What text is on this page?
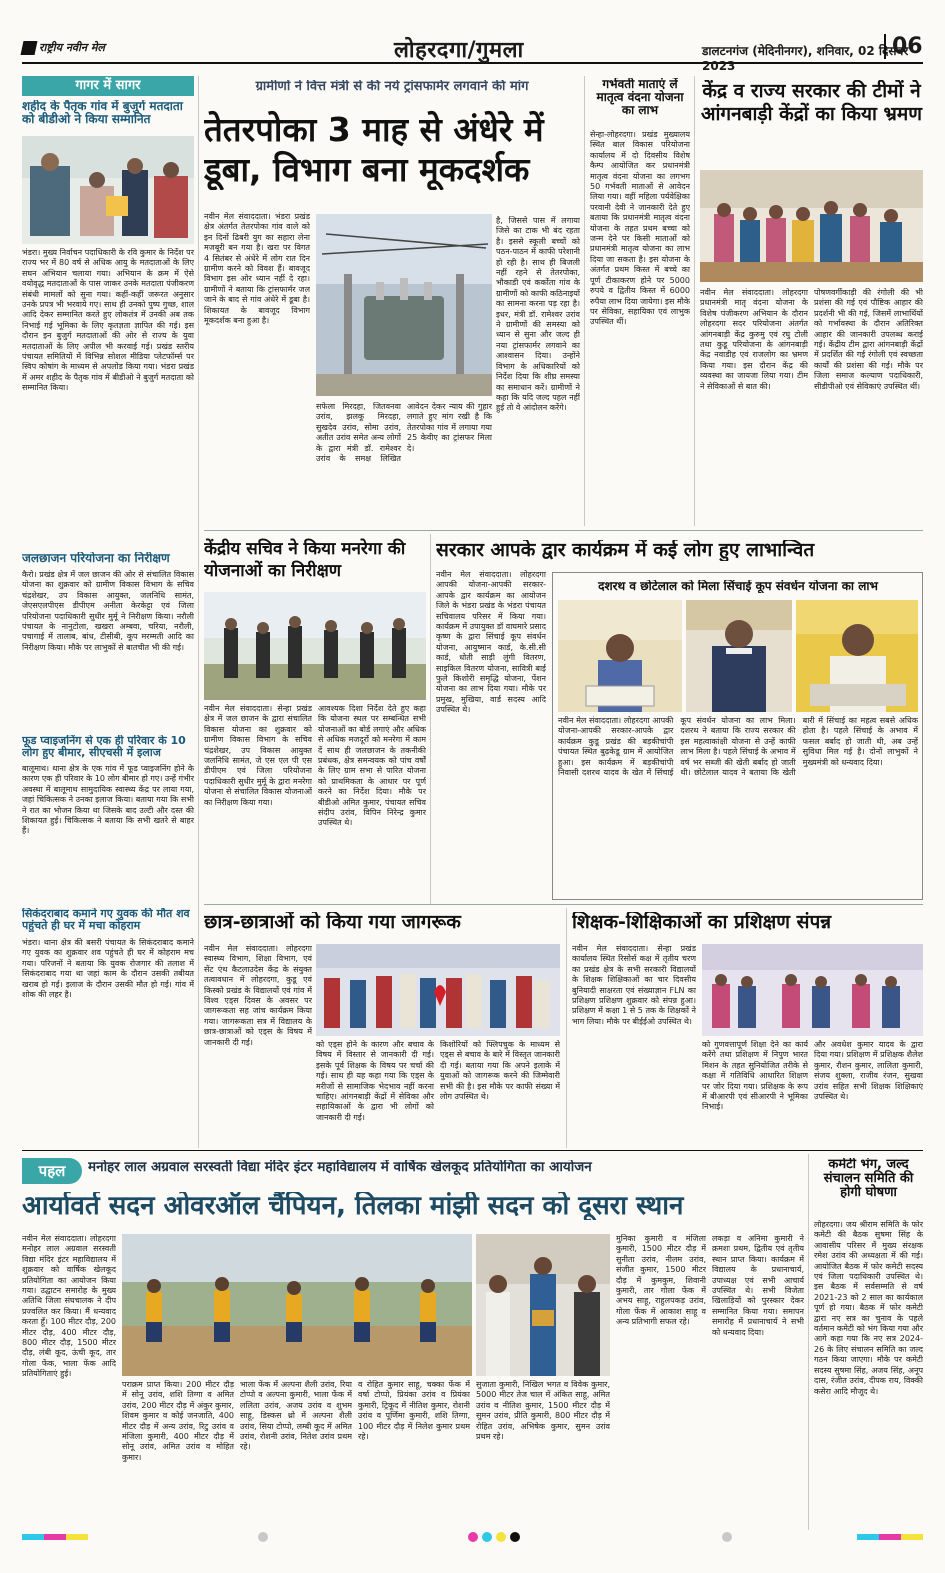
राष्ट्रीय नवीन मेल	लोहरदगा/गुमला	डालटनगंज (मेदिनीनगर), शनिवार, 02 दिसंबर 2023
06
गागर में सागर
शहीद के पैतृक गांव में बुजुर्ग मतदाता को बीडीओ ने किया सम्मानित
भंडरा। मुख्य निर्वाचन पदाधिकारी के रवि कुमार के निर्देश पर राज्य भर में 80 वर्ष से अधिक आयु के मतदाताओं के लिए सघन अभियान चलाया गया। अभियान के क्रम में ऐसे वयोवृद्ध मतदाताओं के पास जाकर उनके मतदाता पंजीकरण संबंधी मामलों को सुना गया। कहीं-कहीं जरूरत अनुसार उनके प्रपत्र भी भरवाये गए। साथ ही उनको पुष्प गुच्छ, शाल आदि देकर सम्मानित करते हुए लोकतंत्र में उनकी अब तक निभाई गई भूमिका के लिए कृतज्ञता ज्ञापित की गई। इस दौरान इन बुजुर्ग मतदाताओं की ओर से राज्य के युवा मतदाताओं के लिए अपील भी करवाई गई। प्रखंड स्तरीय पंचायत समितियों में विभिन्न सोशल मीडिया प्लेटफॉर्म्स पर स्विप कोषांग के माध्यम से अपलोड किया गया। भंडरा प्रखंड में अमर शहीद के पैतृक गांव में बीडीओ ने बुजुर्ग मतदाता को सम्मानित किया।
जलछाजन परियोजना का निरीक्षण
कैरो। प्रखंड क्षेत्र में जल छाजन की ओर से संचालित विकास योजना का शुक्रवार को ग्रामीण विकास विभाग के सचिव चंद्रशेखर, उप विकास आयुक्त, जलनिधि सामंत, जेएसएलपीएस डीपीएम अनीता केरकेट्टा एवं जिला परियोजना पदाधिकारी सुधीर मुर्मू ने निरीक्षण किया। नरौली पंचायत के नानुटोला, खखरा अम्बवा, चरिया, नरौली, पचागाई में तालाब, बांध, टीसीबी, कूप मरम्मती आदि का निरीक्षण किया। मौके पर लाभुकों से बातचीत भी की गई।
फूड प्वाइजनिंग से एक ही परिवार के 10 लोग हुए बीमार, सीएचसी में इलाज
बालूमाथ। थाना क्षेत्र के एक गांव में फूड प्वाइजनिंग होने के कारण एक ही परिवार के 10 लोग बीमार हो गए। उन्हें गंभीर अवस्था में बालूमाथ सामुदायिक स्वास्थ्य केंद्र पर लाया गया, जहां चिकित्सक ने उनका इलाज किया। बताया गया कि सभी ने रात का भोजन किया था जिसके बाद उल्टी और दस्त की शिकायत हुई। चिकित्सक ने बताया कि सभी खतरे से बाहर हैं।
सिकंदराबाद कमाने गए युवक की मौत शव पहुंचते ही घर में मचा कोहराम
भंडरा। थाना क्षेत्र की बसरी पंचायत के सिकंदराबाद कमाने गए युवक का शुक्रवार शव पहुंचते ही घर में कोहराम मच गया। परिजनों ने बताया कि युवक रोजगार की तलाश में सिकंदराबाद गया था जहां काम के दौरान उसकी तबीयत खराब हो गई। इलाज के दौरान उसकी मौत हो गई। गांव में शोक की लहर है।
ग्रामीणों ने वित्त मंत्री से की नये ट्रांसफार्मर लगवाने की मांग
तेतरपोका 3 माह से अंधेरे में डूबा, विभाग बना मूकदर्शक
नवीन मेल संवाददाता। भंडरा प्रखंड क्षेत्र अंतर्गत तेतरपोका गांव वाले को इन दिनों ढिबरी युग का सहारा लेना मजबूरी बन गया है। खरा पर विगत 4 सितंबर से अंधेरे में लोग रात दिन ग्रामीण करने को विवश हैं। बावजूद विभाग इस ओर ध्यान नहीं दे रहा। ग्रामीणों ने बताया कि ट्रांसफार्मर जल जाने के बाद से गांव अंधेरे में डूबा है। शिकायत के बावजूद विभाग मूकदर्शक बना हुआ है।
सफेला मिरदहा, जितवनवा उरांव, झलकू मिरदहा, सुखदेव उरांव, सोमा उरांव, अतीत उरांव समेत अन्य लोगों के द्वारा मंत्री डॉ. रामेश्वर उरांव के समक्ष लिखित आवेदन देकर न्याय की गुहार लगाते हुए मांग रखी है कि तेतरपोका गांव में लगाया गया 25 केवीए का ट्रांसफर मिला दे।
है, जिससे पास में लगाया जिसे का टाक भी बंद रहता है। इससे स्कूली बच्चों को पठन-पाठन में काफी परेशानी हो रही है। साथ ही बिजली नहीं रहने से तेतरपोका, भौकाडी एवं कर्कोता गांव के ग्रामीणों को काफी कठिनाइयों का सामना करना पड़ रहा है। इधर, मंत्री डॉ. रामेश्वर उरांव ने ग्रामीणों की समस्या को ध्यान से सुना और जल्द ही नया ट्रांसफार्मर लगवाने का आश्वासन दिया। उन्होंने विभाग के अधिकारियों को निर्देश दिया कि शीघ्र समस्या का समाधान करें। ग्रामीणों ने कहा कि यदि जल्द पहल नहीं हुई तो वे आंदोलन करेंगे।
गर्भवती माताएं लें मातृत्व वंदना योजना का लाभ
सेन्हा-लोहरदगा। प्रखंड मुख्यालय स्थित बाल विकास परियोजना कार्यालय में दो दिवसीय विशेष कैम्प आयोजित कर प्रधानमंत्री मातृत्व वंदना योजना का लगभग 50 गर्भवती माताओं से आवेदन लिया गया। वहीं महिला पर्यवेक्षिका परवानी देवी ने जानकारी देते हुए बताया कि प्रधानमंत्री मातृत्व वंदना योजना के तहत प्रथम बच्चा को जन्म देने पर किसी माताओं को प्रधानमंत्री मातृत्व योजना का लाभ दिया जा सकता है। इस योजना के अंतर्गत प्रथम किस्त में बच्चे का पूर्ण टीकाकरण होने पर 5000 रुपये व द्वितीय किस्त में 6000 रुपैया लाभ दिया जायेगा। इस मौके पर सेविका, सहायिका एवं लाभुक उपस्थित थीं।
केंद्र व राज्य सरकार की टीमों ने आंगनबाड़ी केंद्रों का किया भ्रमण
नवीन मेल संवाददाता। लोहरदगा प्रधानमंत्री मातृ वंदना योजना के विशेष पंजीकरण अभियान के दौरान लोहरदगा सदर परियोजना अंतर्गत आंगनबाड़ी केंद्र कुरुमु एवं रघु टोली तथा कुडू परियोजना के आंगनबाड़ी केंद्र नवाडीह एवं राजलोग का भ्रमण किया गया। इस दौरान केंद्र की व्यवस्था का जायजा लिया गया। टीम ने सेविकाओं से बात की।
पोषणवर्गीकाड़ी की रंगोली की भी प्रशंसा की गई एवं पौष्टिक आहार की प्रदर्शनी भी की गई, जिसमें लाभार्थियों को गर्भावस्था के दौरान अतिरिक्त आहार की जानकारी उपलब्ध कराई गई। केंद्रीय टीम द्वारा आंगनबाड़ी केंद्रों में प्रदर्शित की गई रंगोली एवं स्वच्छता कार्यों की प्रशंसा की गई। मौके पर जिला समाज कल्याण पदाधिकारी, सीडीपीओ एवं सेविकाएं उपस्थित थीं।
केंद्रीय सचिव ने किया मनरेगा की योजनाओं का निरीक्षण
नवीन मेल संवाददाता। सेन्हा प्रखंड क्षेत्र में जल छाजन के द्वारा संचालित विकास योजना का शुक्रवार को ग्रामीण विकास विभाग के सचिव चंद्रशेखर, उप विकास आयुक्त जलनिधि सामंत, जे एस एल पी एस डीपीएम एवं जिला परियोजना पदाधिकारी सुधीर मुर्मू के द्वारा मनरेगा योजना से संचालित विकास योजनाओं का निरीक्षण किया गया।
आवश्यक दिशा निर्देश देते हुए कहा कि योजना स्थल पर सम्बन्धित सभी योजनाओं का बोर्ड लगाएं और अधिक से अधिक मजदूरों को मनरेगा में काम दें साथ ही जलछाजन के तकनीकी प्रबंधक, क्षेत्र समन्वयक को पांच वर्षों के लिए ग्राम सभा से पारित योजना को प्राथमिकता के आधार पर पूर्ण करने का निर्देश दिया। मौके पर बीडीओ अमित कुमार, पंचायत सचिव संदीप उरांव, विपिन निरेन्द्र कुमार उपस्थित थे।
सरकार आपके द्वार कार्यक्रम में कई लोग हुए लाभान्वित
नवीन मेल संवाददाता। लोहरदगा आपकी योजना-आपकी सरकार-आपके द्वार कार्यक्रम का आयोजन जिले के भंडरा प्रखंड के भंडरा पंचायत सचिवालय परिसर में किया गया। कार्यक्रम में उपायुक्त डॉ वाघमारे प्रसाद कृष्ण के द्वारा सिंचाई कूप संवर्धन योजना, आयुष्मान कार्ड, के.सी.सी कार्ड, धोती साड़ी लुंगी वितरण, साइकिल वितरण योजना, सावित्री बाई फुले किशोरी समृद्धि योजना, पेंशन योजना का लाभ दिया गया। मौके पर प्रमुख, मुखिया, वार्ड सदस्य आदि उपस्थित थे।
दशरथ व छोटेलाल को मिला सिंचाई कूप संवर्धन योजना का लाभ
नवीन मेल संवाददाता। लोहरदगा आपकी योजना-आपकी सरकार-आपके द्वार कार्यक्रम कुडू प्रखंड की बड़कीचांपी पंचायत स्थित बुढ़केडू ग्राम में आयोजित हुआ। इस कार्यक्रम में बड़कीचांपी निवासी दशरथ यादव के खेत में सिंचाई कूप संवर्धन योजना का लाभ मिला। दशरथ ने बताया कि राज्य सरकार की इस महत्वाकांक्षी योजना से उन्हें काफी लाभ मिला है। पहले सिंचाई के अभाव में वर्ष भर सब्जी की खेती बर्बाद हो जाती थी। छोटेलाल यादव ने बताया कि खेती बारी में सिंचाई का महत्व सबसे अधिक होता है। पहले सिंचाई के अभाव में फसल बर्बाद हो जाती थी, अब उन्हें सुविधा मिल गई है। दोनों लाभुकों ने मुख्यमंत्री को धन्यवाद दिया।
छात्र-छात्राओं को किया गया जागरूक
नवीन मेल संवाददाता। लोहरदगा स्वास्थ्य विभाग, शिक्षा विभाग, एवं सेंट एंथ कैटलाउदेस केंद्र के संयुक्त तत्वावधान में लोहरदगा, कुडू एवं किस्को प्रखंड के विद्यालयों एवं गांव में विश्व एड्स दिवस के अवसर पर जागरूकता सह जांच कार्यक्रम किया गया। जागरूकता सत्र में विद्यालय के छात्र-छात्राओं को एड्स के विषय में जानकारी दी गई।	को एड्स होने के कारण और बचाव के विषय में विस्तार से जानकारी दी गई। इसके पूर्व शिक्षक के विषय पर चर्चा की गई। साथ ही यह कहा गया कि एड्स के मरीजों से सामाजिक भेदभाव नहीं करना चाहिए। आंगनबाड़ी केंद्रों में सेविका और सहायिकाओं के द्वारा भी लोगों को जानकारी दी गई।
किशोरियों को फ्लिपचुक के माध्यम से एड्स से बचाव के बारे में विस्तृत जानकारी दी गई। बताया गया कि अपने इलाके में युवाओं को जागरूक करने की जिम्मेवारी सभी की है। इस मौके पर काफी संख्या में लोग उपस्थित थे।
शिक्षक-शिक्षिकाओं का प्रशिक्षण संपन्न
नवीन मेल संवाददाता। सेन्हा प्रखंड कार्यालय स्थित रिसोर्स कक्ष में तृतीय चरण का प्रखंड क्षेत्र के सभी सरकारी विद्यालयों के शिक्षक शिक्षिकाओं का चार दिवसीय बुनियादी साक्षरता एवं संख्याज्ञान FLN का प्रशिक्षण प्रशिक्षण शुक्रवार को संपन्न हुआ। प्रशिक्षण में कक्षा 1 से 5 तक के शिक्षकों ने भाग लिया। मौके पर बीईईओ उपस्थित थे।
को गुणवत्तापूर्ण शिक्षा देने का कार्य करेंगे तथा प्रशिक्षण में निपुण भारत मिशन के तहत सुनियोजित तरीके से कक्षा में गतिविधि आधारित शिक्षण पर जोर दिया गया। प्रशिक्षक के रूप में बीआरपी एवं सीआरपी ने भूमिका निभाई।
और अवधेश कुमार यादव के द्वारा दिया गया। प्रशिक्षण में प्रशिक्षक शैलेश कुमार, रौशन कुमार, लालिता कुमारी, संजय शुक्ला, राजीव रंजन, सुखवा उरांव सहित सभी शिक्षक शिक्षिकाएं उपस्थित थे।
पहल	मनोहर लाल अग्रवाल सरस्वती विद्या मंदिर इंटर महाविद्यालय में वार्षिक खेलकूद प्रतियोगिता का आयोजन
आर्यावर्त सदन ओवरऑल चैंपियन, तिलका मांझी सदन को दूसरा स्थान
नवीन मेल संवाददाता। लोहरदगा मनोहर लाल अग्रवाल सरस्वती विद्या मंदिर इंटर महाविद्यालय में शुक्रवार को वार्षिक खेलकूद प्रतियोगिता का आयोजन किया गया। उद्घाटन समारोह के मुख्य अतिथि जिला संघचालक ने दीप प्रज्वलित कर किया। मैं धन्यवाद करता हूँ। 100 मीटर दौड़, 200 मीटर दौड़, 400 मीटर दौड़, 800 मीटर दौड़, 1500 मीटर दौड़, लंबी कूद, ऊंची कूद, तार गोला फेंक, भाला फेंक आदि प्रतियोगिताएं हुई।
पराक्रम प्राप्त किया। 200 मीटर दौड़ में सोनू उरांव, शशि तिग्गा व अमित उरांव, 200 मीटर दौड़ में अंकुर कुमार, शिवम कुमार व कोई जनजाति, 400 मीटर दौड़ में अन्य उरांव, रिटु उरांव व मंजिला कुमारी, 400 मीटर दौड़ में सोनू उरांव, अमित उरांव व मोहित कुमार।
भाला फेंक में अल्पना शैली उरांव, रिया टोप्पो व अल्पना कुमारी, भाला फेंक में ललिता उरांव, अजय उरांव व शुभम साहू, डिस्कस थ्रो में अल्पना शैली उरांव, सिया टोप्पो, लम्बी कूद में अमित उरांव, रोशनी उरांव, नितेश उरांव प्रथम रहे।
व रोहित कुमार साहू, चक्का फेंक में वर्षा टोप्पो, प्रियंका उरांव व प्रियंका कुमारी, ट्रिकूद में नीतिश कुमार, रोशनी उरांव व पूर्णिमा कुमारी, शशि तिग्गा, 100 मीटर दौड़ में निलेश कुमार प्रथम रहे।
सुजाता कुमारी, निखिल भगत व विवेक कुमार, 5000 मीटर तेज चाल में अंकित साहू, अमित उरांव व नीतिश कुमार, 1500 मीटर दौड़ में सुमन उरांव, प्रीति कुमारी, 800 मीटर दौड़ में रोहित उरांव, अभिषेक कुमार, सुमन उरांव प्रथम रहे।
मुनिका कुमारी व मंजिला कुमारी, 1500 मीटर दौड़ में सुनीता उरांव, नीलम उरांव, संजीत कुमार, 1500 मीटर दौड़ में कुमकुम, शिवानी कुमारी, तार गोला फेंक में अभय साहू, राहुलपकड़ उरांव, गोला फेंक में आकाश साहू व अन्य प्रतिभागी सफल रहे।
लकड़ा व अनिमा कुमारी ने क्रमशः प्रथम, द्वितीय एवं तृतीय स्थान प्राप्त किया। कार्यक्रम में विद्यालय के प्रधानाचार्य, उपाध्यक्ष एवं सभी आचार्य उपस्थित थे। सभी विजेता खिलाड़ियों को पुरस्कार देकर सम्मानित किया गया। समापन समारोह में प्रधानाचार्य ने सभी को धन्यवाद दिया।
कमेटी भंग, जल्द संचालन समिति की होगी घोषणा
लोहरदगा। जय श्रीराम समिति के फोर कमेटी की बैठक सुषमा सिंह के आवासीय परिसर में मुख्य संरक्षक रमेश उरांव की अध्यक्षता में की गई। आयोजित बैठक में फोर कमेटी सदस्य एवं जिला पदाधिकारी उपस्थित थे। इस बैठक में सर्वसम्मति से वर्ष 2021-23 को 2 साल का कार्यकाल पूर्ण हो गया। बैठक में फोर कमेटी द्वारा नए सत्र का चुनाव के पहले वर्तमान कमेटी को भंग किया गया और आगे कहा गया कि नए सत्र 2024-26 के लिए संचालन समिति का जल्द गठन किया जाएगा। मौके पर कमेटी सदस्य सुषमा सिंह, अजय सिंह, अनूप दास, रंजीत उरांव, दीपक राय, विक्की कसेरा आदि मौजूद थे।
